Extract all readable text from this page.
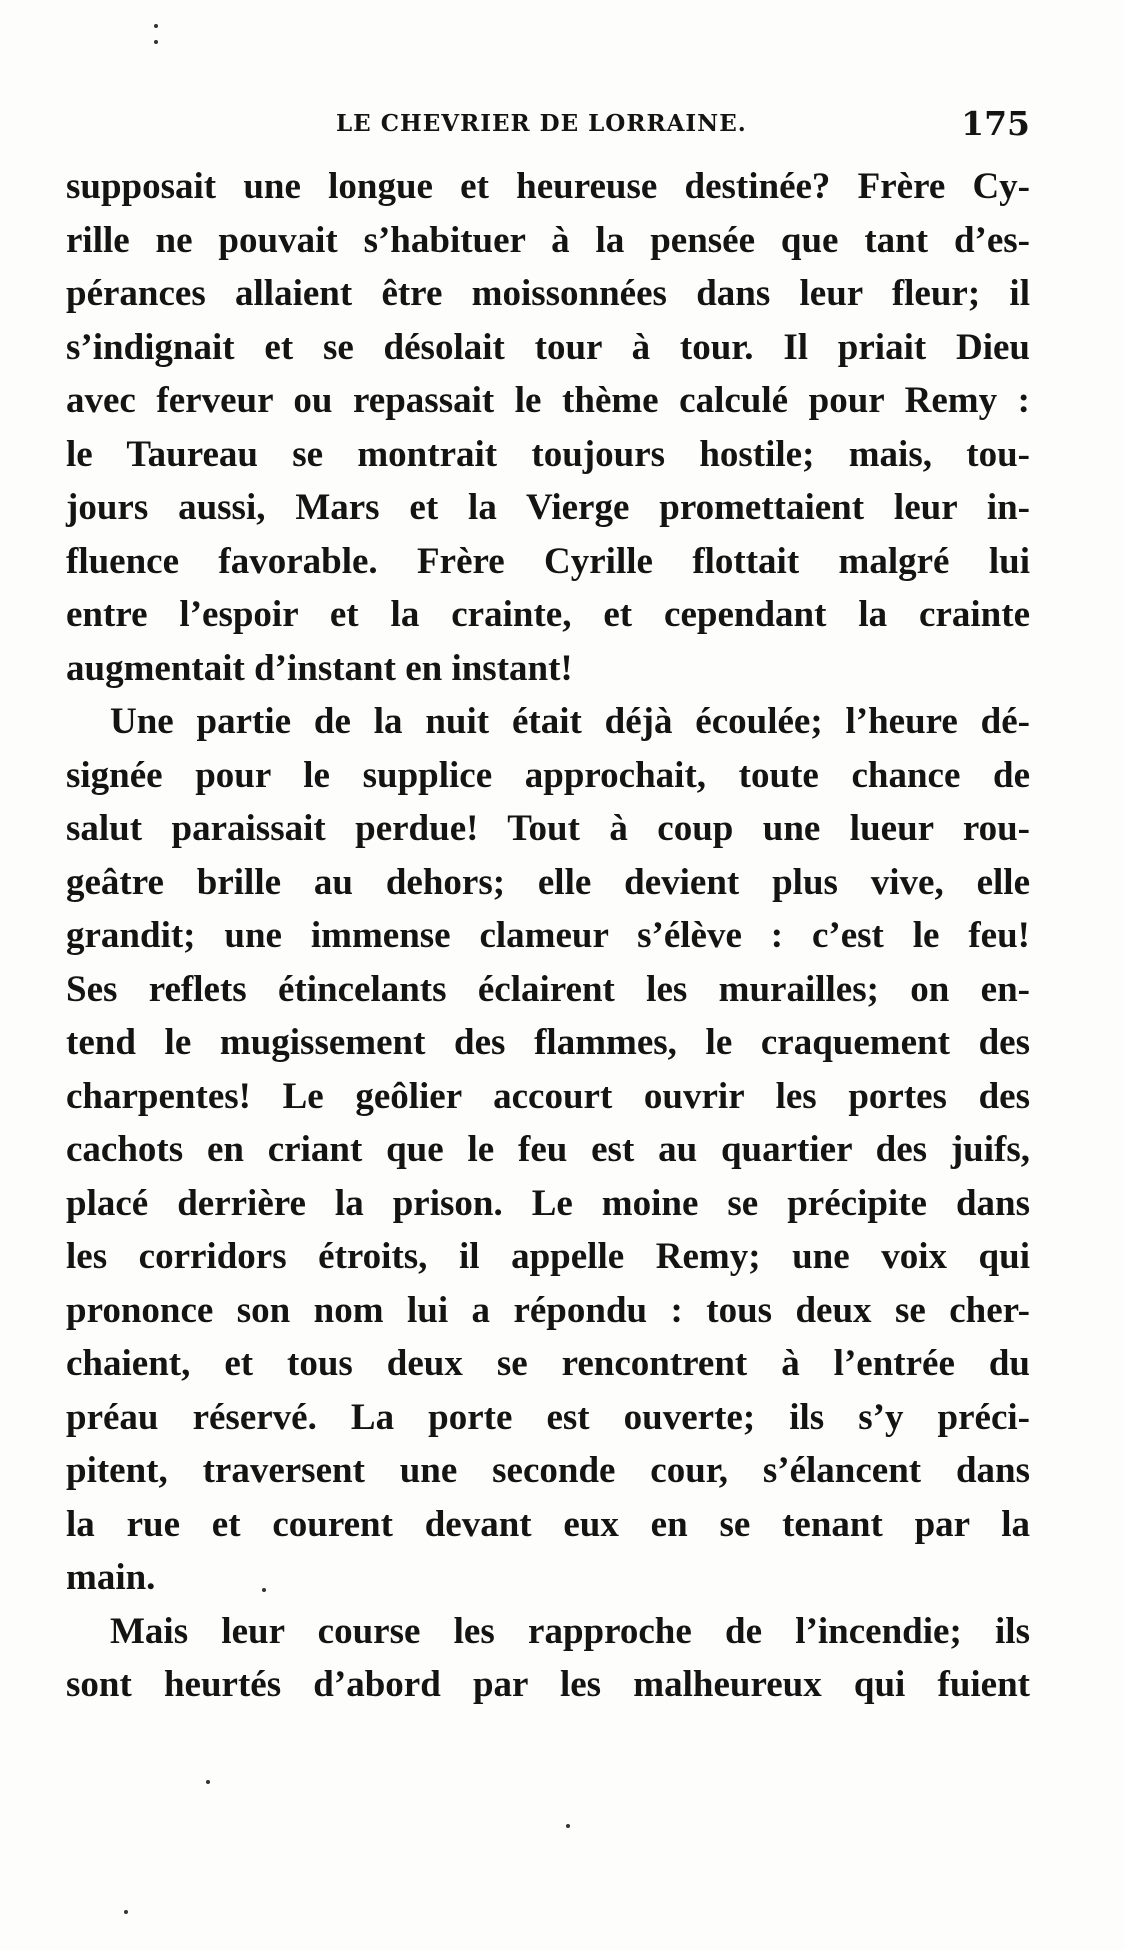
LE CHEVRIER DE LORRAINE.	175
supposait une longue et heureuse destinée? Frère Cy-
rille ne pouvait s’habituer à la pensée que tant d’es-
pérances allaient être moissonnées dans leur fleur; il
s’indignait et se désolait tour à tour. Il priait Dieu
avec ferveur ou repassait le thème calculé pour Remy :
le Taureau se montrait toujours hostile; mais, tou-
jours aussi, Mars et la Vierge promettaient leur in-
fluence favorable. Frère Cyrille flottait malgré lui
entre l’espoir et la crainte, et cependant la crainte
augmentait d’instant en instant!
Une partie de la nuit était déjà écoulée; l’heure dé-
signée pour le supplice approchait, toute chance de
salut paraissait perdue! Tout à coup une lueur rou-
geâtre brille au dehors; elle devient plus vive, elle
grandit; une immense clameur s’élève : c’est le feu!
Ses reflets étincelants éclairent les murailles; on en-
tend le mugissement des flammes, le craquement des
charpentes! Le geôlier accourt ouvrir les portes des
cachots en criant que le feu est au quartier des juifs,
placé derrière la prison. Le moine se précipite dans
les corridors étroits, il appelle Remy; une voix qui
prononce son nom lui a répondu : tous deux se cher-
chaient, et tous deux se rencontrent à l’entrée du
préau réservé. La porte est ouverte; ils s’y préci-
pitent, traversent une seconde cour, s’élancent dans
la rue et courent devant eux en se tenant par la
main.
Mais leur course les rapproche de l’incendie; ils
sont heurtés d’abord par les malheureux qui fuient
